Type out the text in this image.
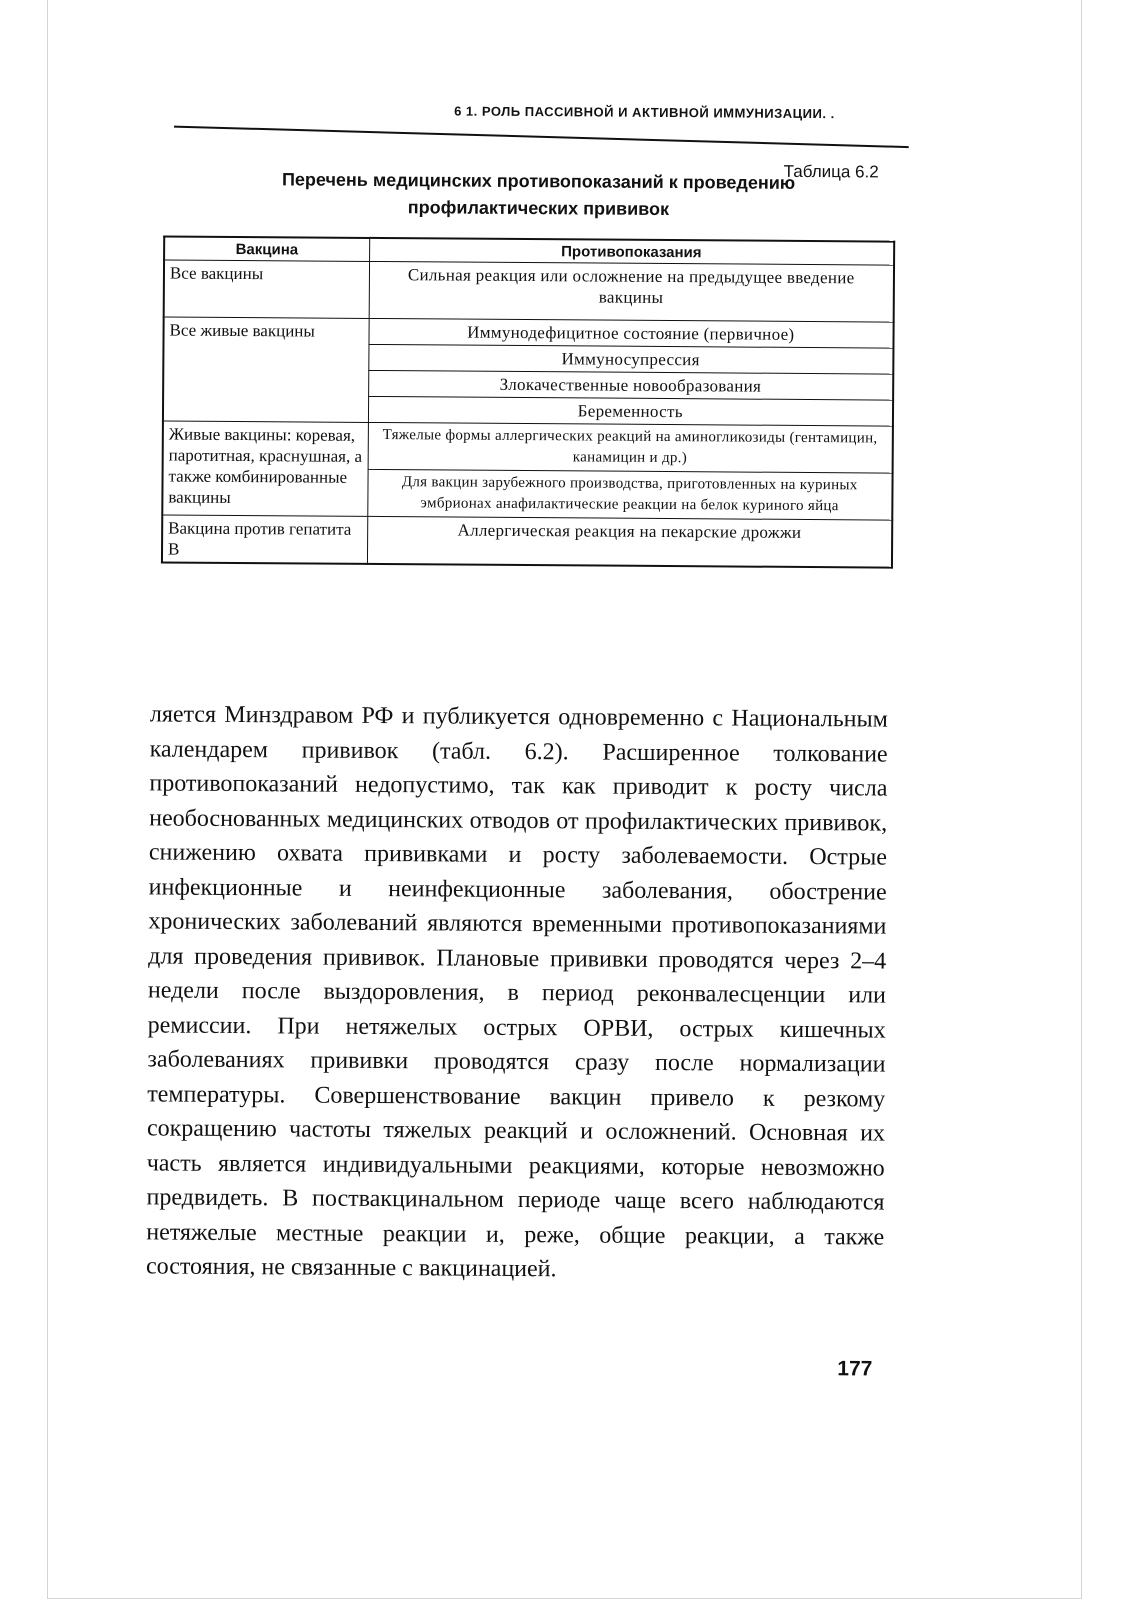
6 1. РОЛЬ ПАССИВНОЙ И АКТИВНОЙ ИММУНИЗАЦИИ. .
Таблица 6.2
Перечень медицинских противопоказаний к проведению
профилактических прививок
Вакцина	Противопоказания
Все вакцины	Сильная реакция или осложнение на предыдущее введение вакцины
Все живые вакцины	Иммунодефицитное состояние (первичное)
	Иммуносупрессия
	Злокачественные новообразования
	Беременность
Живые вакцины: коревая, паротитная, краснушная, а также комбинированные вакцины	Тяжелые формы аллергических реакций на аминогликозиды (гентамицин, канамицин и др.)
	Для вакцин зарубежного производства, приготовленных на куриных эмбрионах анафилактические реакции на белок куриного яйца
Вакцина против гепатита B	Аллергическая реакция на пекарские дрожжи

ляется Минздравом РФ и публикуется одновременно с Национальным календарем прививок (табл. 6.2). Расширенное толкование противопоказаний недопустимо, так как приводит к росту числа необоснованных медицинских отводов от профилактических прививок, снижению охвата прививками и росту заболеваемости. Острые инфекционные и неинфекционные заболевания, обострение хронических заболеваний являются временными противопоказаниями для проведения прививок. Плановые прививки проводятся через 2–4 недели после выздоровления, в период реконвалесценции или ремиссии. При нетяжелых острых ОРВИ, острых кишечных заболеваниях прививки проводятся сразу после нормализации температуры. Совершенствование вакцин привело к резкому сокращению частоты тяжелых реакций и осложнений. Основная их часть является индивидуальными реакциями, которые невозможно предвидеть. В поствакцинальном периоде чаще всего наблюдаются нетяжелые местные реакции и, реже, общие реакции, а также состояния, не связанные с вакцинацией.

177
